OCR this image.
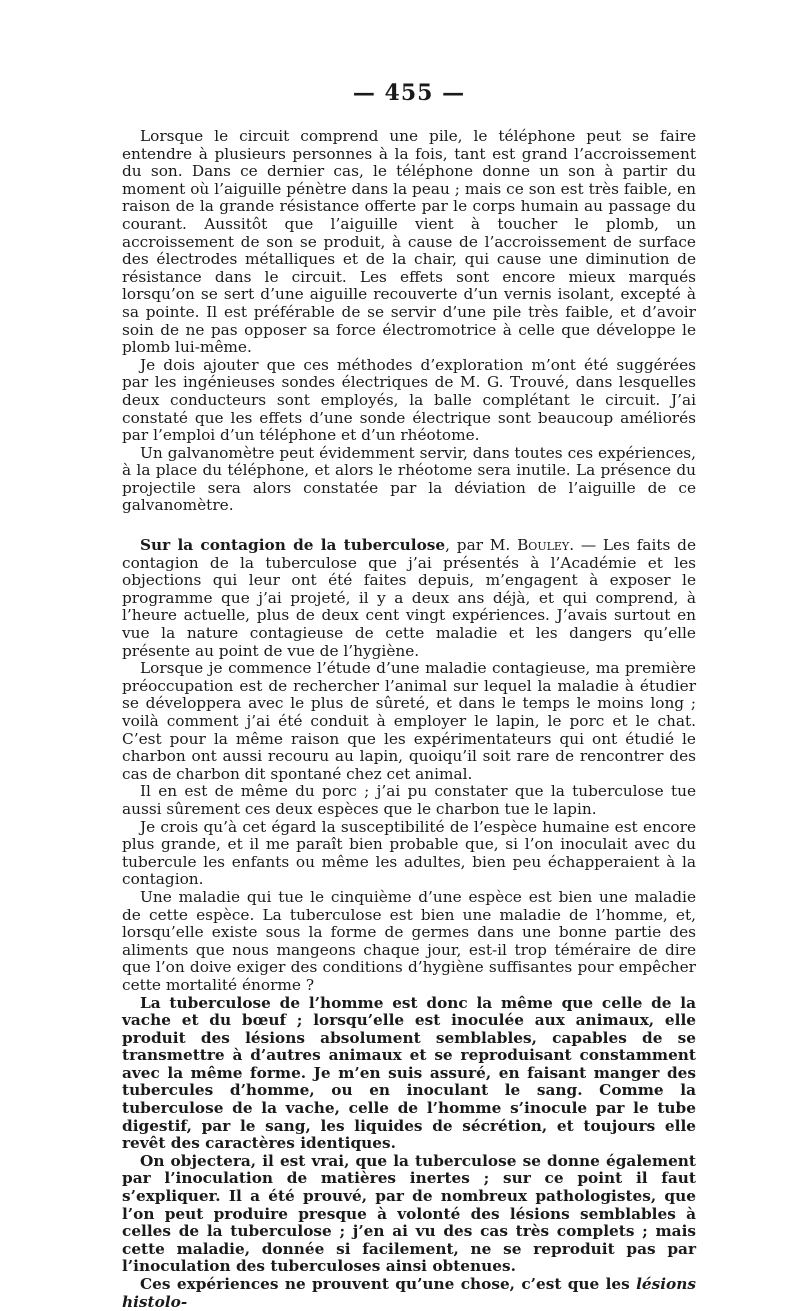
— 455 —

Lorsque le circuit comprend une pile, le téléphone peut se faire entendre à plusieurs personnes à la fois, tant est grand l’accroissement du son. Dans ce dernier cas, le téléphone donne un son à partir du moment où l’aiguille pénètre dans la peau ; mais ce son est très faible, en raison de la grande résistance offerte par le corps humain au passage du courant. Aussitôt que l’aiguille vient à toucher le plomb, un accroissement de son se produit, à cause de l’accroissement de surface des électrodes métalliques et de la chair, qui cause une diminution de résistance dans le circuit. Les effets sont encore mieux marqués lorsqu’on se sert d’une aiguille recouverte d’un vernis isolant, excepté à sa pointe. Il est préférable de se servir d’une pile très faible, et d’avoir soin de ne pas opposer sa force électromotrice à celle que développe le plomb lui-même.

Je dois ajouter que ces méthodes d’exploration m’ont été suggérées par les ingénieuses sondes électriques de M. G. Trouvé, dans lesquelles deux conducteurs sont employés, la balle complétant le circuit. J’ai constaté que les effets d’une sonde électrique sont beaucoup améliorés par l’emploi d’un téléphone et d’un rhéotome.

Un galvanomètre peut évidemment servir, dans toutes ces expériences, à la place du téléphone, et alors le rhéotome sera inutile. La présence du projectile sera alors constatée par la déviation de l’aiguille de ce galvanomètre.

Sur la contagion de la tuberculose, par M. Bouley. — Les faits de contagion de la tuberculose que j’ai présentés à l’Académie et les objections qui leur ont été faites depuis, m’engagent à exposer le programme que j’ai projeté, il y a deux ans déjà, et qui comprend, à l’heure actuelle, plus de deux cent vingt expériences. J’avais surtout en vue la nature contagieuse de cette maladie et les dangers qu’elle présente au point de vue de l’hygiène.

Lorsque je commence l’étude d’une maladie contagieuse, ma première préoccupation est de rechercher l’animal sur lequel la maladie à étudier se développera avec le plus de sûreté, et dans le temps le moins long ; voilà comment j’ai été conduit à employer le lapin, le porc et le chat. C’est pour la même raison que les expérimentateurs qui ont étudié le charbon ont aussi recouru au lapin, quoiqu’il soit rare de rencontrer des cas de charbon dit spontané chez cet animal.

Il en est de même du porc ; j’ai pu constater que la tuberculose tue aussi sûrement ces deux espèces que le charbon tue le lapin.

Je crois qu’à cet égard la susceptibilité de l’espèce humaine est encore plus grande, et il me paraît bien probable que, si l’on inoculait avec du tubercule les enfants ou même les adultes, bien peu échapperaient à la contagion.

Une maladie qui tue le cinquième d’une espèce est bien une maladie de cette espèce. La tuberculose est bien une maladie de l’homme, et, lorsqu’elle existe sous la forme de germes dans une bonne partie des aliments que nous mangeons chaque jour, est-il trop téméraire de dire que l’on doive exiger des conditions d’hygiène suffisantes pour empêcher cette mortalité énorme ?

La tuberculose de l’homme est donc la même que celle de la vache et du bœuf ; lorsqu’elle est inoculée aux animaux, elle produit des lésions absolument semblables, capables de se transmettre à d’autres animaux et se reproduisant constamment avec la même forme. Je m’en suis assuré, en faisant manger des tubercules d’homme, ou en inoculant le sang. Comme la tuberculose de la vache, celle de l’homme s’inocule par le tube digestif, par le sang, les liquides de sécrétion, et toujours elle revêt des caractères identiques.

On objectera, il est vrai, que la tuberculose se donne également par l’inoculation de matières inertes ; sur ce point il faut s’expliquer. Il a été prouvé, par de nombreux pathologistes, que l’on peut produire presque à volonté des lésions semblables à celles de la tuberculose ; j’en ai vu des cas très complets ; mais cette maladie, donnée si facilement, ne se reproduit pas par l’inoculation des tuberculoses ainsi obtenues.

Ces expériences ne prouvent qu’une chose, c’est que les lésions histolo-
